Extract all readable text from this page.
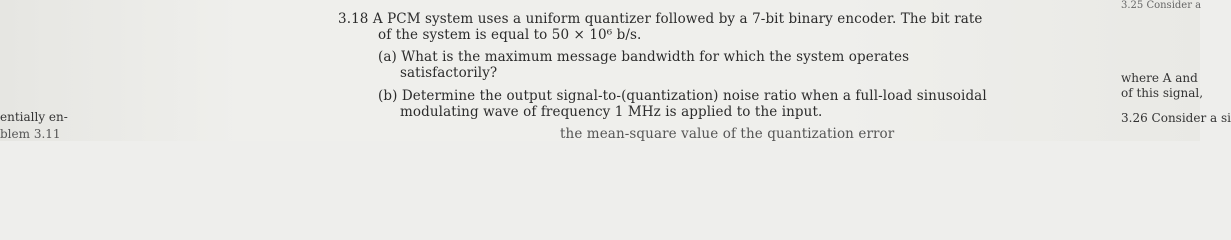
entially en-
blem 3.11
3.18 A PCM system uses a uniform quantizer followed by a 7-bit binary encoder. The bit rate
of the system is equal to 50 × 10⁶ b/s.
(a) What is the maximum message bandwidth for which the system operates
satisfactorily?
(b) Determine the output signal-to-(quantization) noise ratio when a full-load sinusoidal
modulating wave of frequency 1 MHz is applied to the input.
the mean-square value of the quantization error
3.25 Consider a
where A and
of this signal,
3.26 Consider a si
